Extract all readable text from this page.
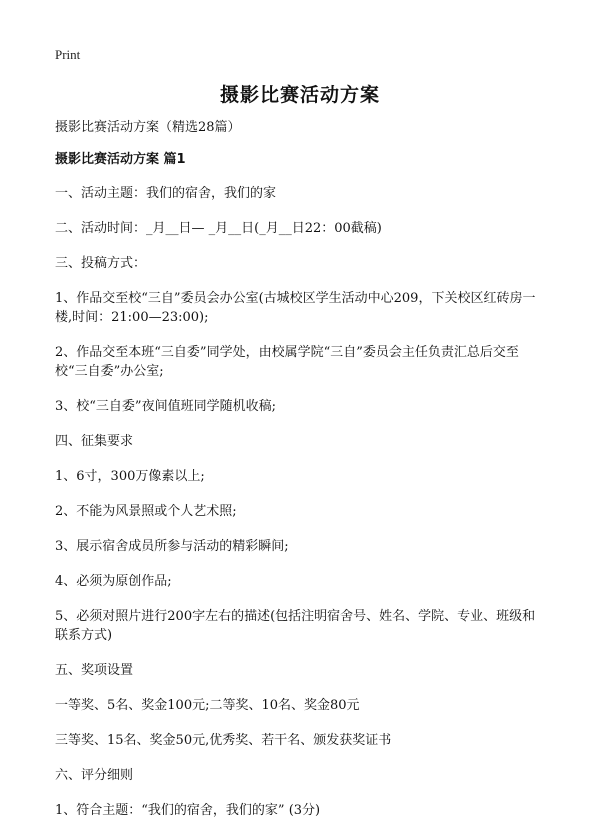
Print
摄影比赛活动方案

摄影比赛活动方案（精选28篇）

摄影比赛活动方案 篇1

一、活动主题：我们的宿舍，我们的家

二、活动时间：_月__日— _月__日(_月__日22：00截稿)

三、投稿方式：

1、作品交至校“三自”委员会办公室(古城校区学生活动中心209，下关校区红砖房一楼,时间：21:00—23:00);

2、作品交至本班“三自委”同学处，由校属学院“三自”委员会主任负责汇总后交至校“三自委”办公室;

3、校“三自委”夜间值班同学随机收稿;

四、征集要求

1、6寸，300万像素以上;

2、不能为风景照或个人艺术照;

3、展示宿舍成员所参与活动的精彩瞬间;

4、必须为原创作品;

5、必须对照片进行200字左右的描述(包括注明宿舍号、姓名、学院、专业、班级和联系方式)

五、奖项设置

一等奖、5名、奖金100元;二等奖、10名、奖金80元

三等奖、15名、奖金50元,优秀奖、若干名、颁发获奖证书

六、评分细则

1、符合主题：“我们的宿舍，我们的家” (3分)
